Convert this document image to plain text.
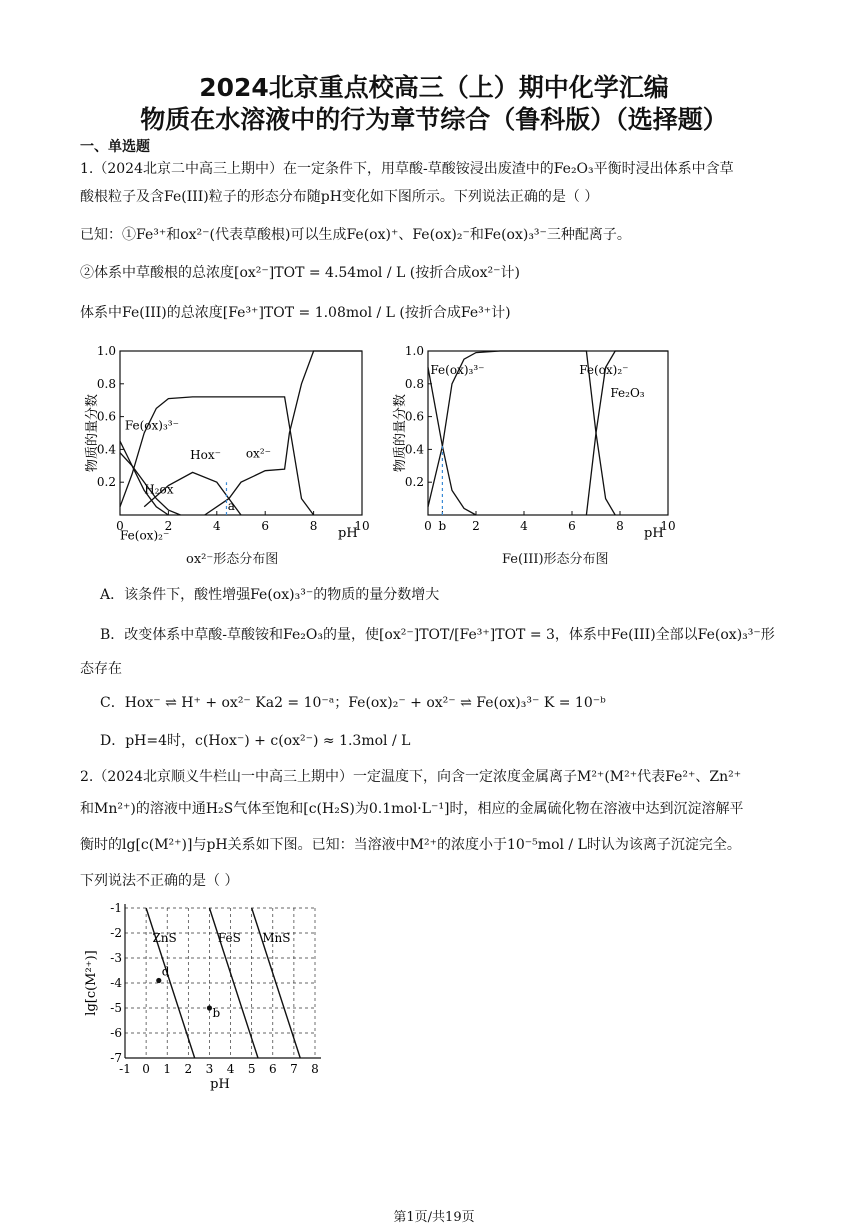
2024北京重点校高三（上）期中化学汇编
物质在水溶液中的行为章节综合（鲁科版）（选择题）
一、单选题
1.（2024北京二中高三上期中）在一定条件下，用草酸-草酸铵浸出废渣中的Fe₂O₃平衡时浸出体系中含草
酸根粒子及含Fe(III)粒子的形态分布随pH变化如下图所示。下列说法正确的是（ ）
已知：①Fe³⁺和ox²⁻(代表草酸根)可以生成Fe(ox)⁺、Fe(ox)₂⁻和Fe(ox)₃³⁻三种配离子。
②体系中草酸根的总浓度[ox²⁻]TOT = 4.54mol / L (按折合成ox²⁻计)
体系中Fe(III)的总浓度[Fe³⁺]TOT = 1.08mol / L (按折合成Fe³⁺计)
0.2
0.4
0.6
0.8
1.0
0	2	4	6	8	10
pH
物质的量分数 Fe(ox)₃³⁻
H₂ox
Hox⁻ ox²⁻
Fe(ox)₂⁻
a
ox²⁻形态分布图
0.2
0.4
0.6
0.8
1.0
0 b 2	4	6	8	10
pH
物质的量分数
Fe(ox)₃³⁻	Fe(ox)₂⁻
Fe₂O₃
Fe(III)形态分布图
A．该条件下，酸性增强Fe(ox)₃³⁻的物质的量分数增大
B．改变体系中草酸-草酸铵和Fe₂O₃的量，使[ox²⁻]TOT/[Fe³⁺]TOT = 3，体系中Fe(III)全部以Fe(ox)₃³⁻形
态存在
C．Hox⁻ ⇌ H⁺ + ox²⁻ Ka2 = 10⁻ᵃ；Fe(ox)₂⁻ + ox²⁻ ⇌ Fe(ox)₃³⁻ K = 10⁻ᵇ
D．pH=4时，c(Hox⁻) + c(ox²⁻) ≈ 1.3mol / L
2.（2024北京顺义牛栏山一中高三上期中）一定温度下，向含一定浓度金属离子M²⁺(M²⁺代表Fe²⁺、Zn²⁺
和Mn²⁺)的溶液中通H₂S气体至饱和[c(H₂S)为0.1mol·L⁻¹]时，相应的金属硫化物在溶液中达到沉淀溶解平
衡时的lg[c(M²⁺)]与pH关系如下图。已知：当溶液中M²⁺的浓度小于10⁻⁵mol / L时认为该离子沉淀完全。
下列说法不正确的是（ ）
-1
-2
-3
-4
-5
-6
-7
-1 0 1 2 3 4 5 6 7 8
pH
lg[c(M²⁺)]
ZnS	FeS MnS
d
b
第1页/共19页
